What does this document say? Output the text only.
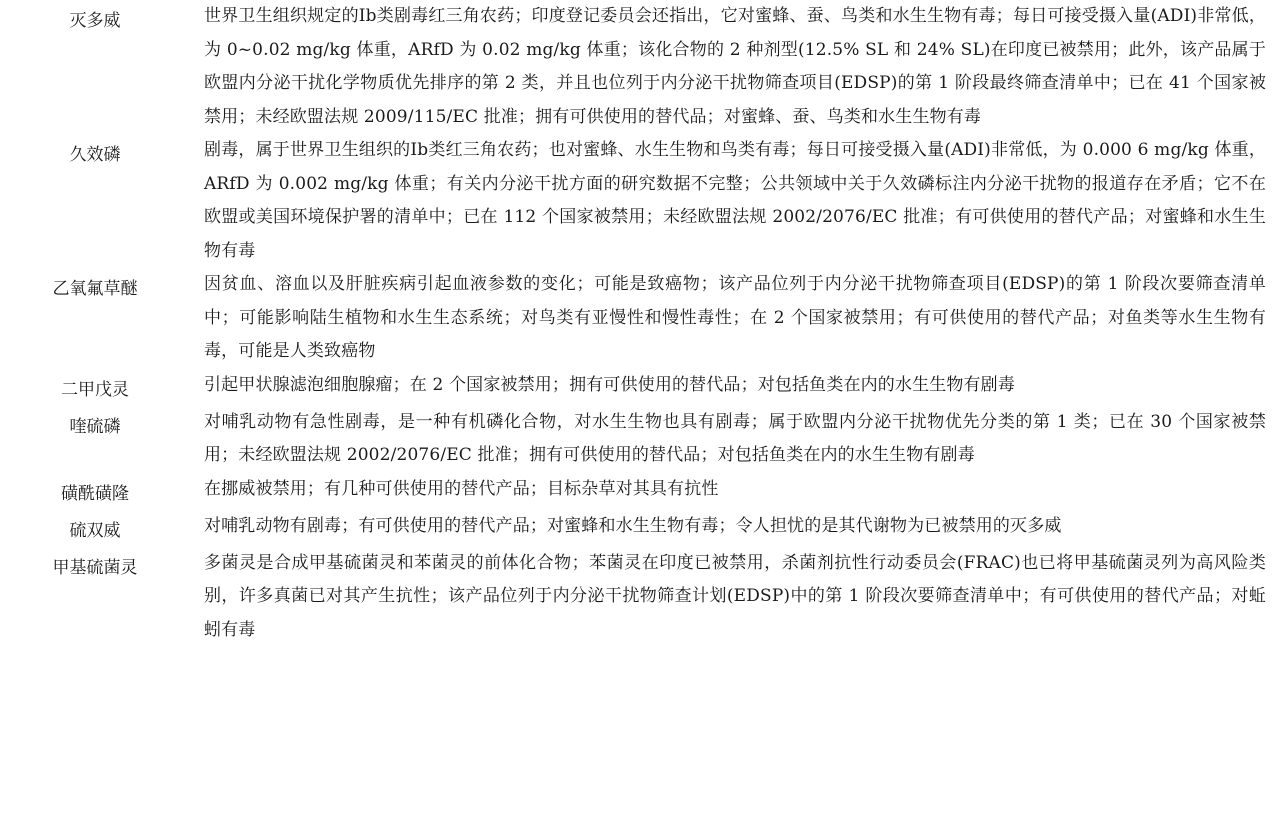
灭多威	世界卫生组织规定的Ⅰb类剧毒红三角农药；印度登记委员会还指出，它对蜜蜂、蚕、鸟类和水生生物有毒；每日可接受摄入量(ADI)非常低，为 0~0.02 mg/kg 体重，ARfD 为 0.02 mg/kg 体重；该化合物的 2 种剂型(12.5% SL 和 24% SL)在印度已被禁用；此外，该产品属于欧盟内分泌干扰化学物质优先排序的第 2 类，并且也位列于内分泌干扰物筛查项目(EDSP)的第 1 阶段最终筛查清单中；已在 41 个国家被禁用；未经欧盟法规 2009/115/EC 批准；拥有可供使用的替代品；对蜜蜂、蚕、鸟类和水生生物有毒
久效磷	剧毒，属于世界卫生组织的Ⅰb类红三角农药；也对蜜蜂、水生生物和鸟类有毒；每日可接受摄入量(ADI)非常低，为 0.000 6 mg/kg 体重，ARfD 为 0.002 mg/kg 体重；有关内分泌干扰方面的研究数据不完整；公共领域中关于久效磷标注内分泌干扰物的报道存在矛盾；它不在欧盟或美国环境保护署的清单中；已在 112 个国家被禁用；未经欧盟法规 2002/2076/EC 批准；有可供使用的替代产品；对蜜蜂和水生生物有毒
乙氧氟草醚	因贫血、溶血以及肝脏疾病引起血液参数的变化；可能是致癌物；该产品位列于内分泌干扰物筛查项目(EDSP)的第 1 阶段次要筛查清单中；可能影响陆生植物和水生生态系统；对鸟类有亚慢性和慢性毒性；在 2 个国家被禁用；有可供使用的替代产品；对鱼类等水生生物有毒，可能是人类致癌物
二甲戊灵	引起甲状腺滤泡细胞腺瘤；在 2 个国家被禁用；拥有可供使用的替代品；对包括鱼类在内的水生生物有剧毒
喹硫磷	对哺乳动物有急性剧毒，是一种有机磷化合物，对水生生物也具有剧毒；属于欧盟内分泌干扰物优先分类的第 1 类；已在 30 个国家被禁用；未经欧盟法规 2002/2076/EC 批准；拥有可供使用的替代品；对包括鱼类在内的水生生物有剧毒
磺酰磺隆	在挪威被禁用；有几种可供使用的替代产品；目标杂草对其具有抗性
硫双威	对哺乳动物有剧毒；有可供使用的替代产品；对蜜蜂和水生生物有毒；令人担忧的是其代谢物为已被禁用的灭多威
甲基硫菌灵	多菌灵是合成甲基硫菌灵和苯菌灵的前体化合物；苯菌灵在印度已被禁用，杀菌剂抗性行动委员会(FRAC)也已将甲基硫菌灵列为高风险类别，许多真菌已对其产生抗性；该产品位列于内分泌干扰物筛查计划(EDSP)中的第 1 阶段次要筛查清单中；有可供使用的替代产品；对蚯蚓有毒
